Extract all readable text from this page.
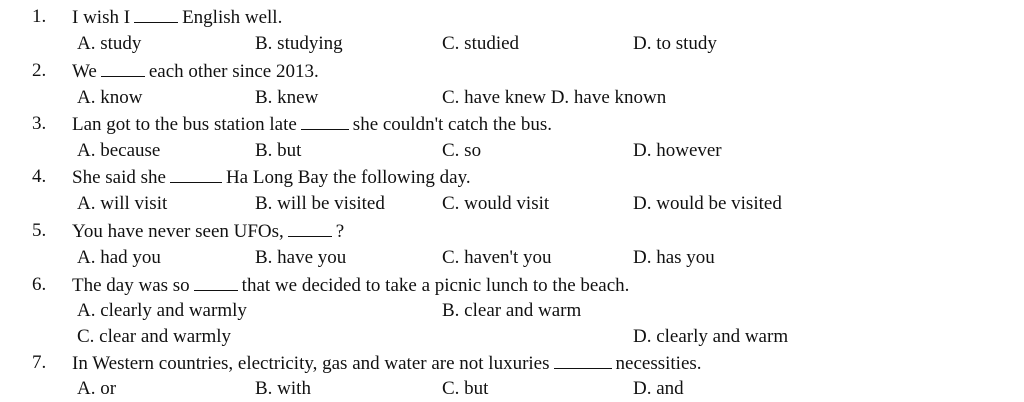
1. I wish I	English well.
A. study	B. studying	C. studied	D. to study
2. We	each other since 2013.
A. know	B. knew	C. have knew D. have known
3. Lan got to the bus station late	she couldn't catch the bus.
A. because	B. but	C. so	D. however
4. She said she	Ha Long Bay the following day.
A. will visit	B. will be visited	C. would visit	D. would be visited
5. You have never seen UFOs,	?
A. had you	B. have you	C. haven't you	D. has you
6. The day was so	that we decided to take a picnic lunch to the beach.
A. clearly and warmly	B. clear and warm
C. clear and warmly	D. clearly and warm
7. In Western countries, electricity, gas and water are not luxuries	necessities.
A. or	B. with	C. but	D. and
